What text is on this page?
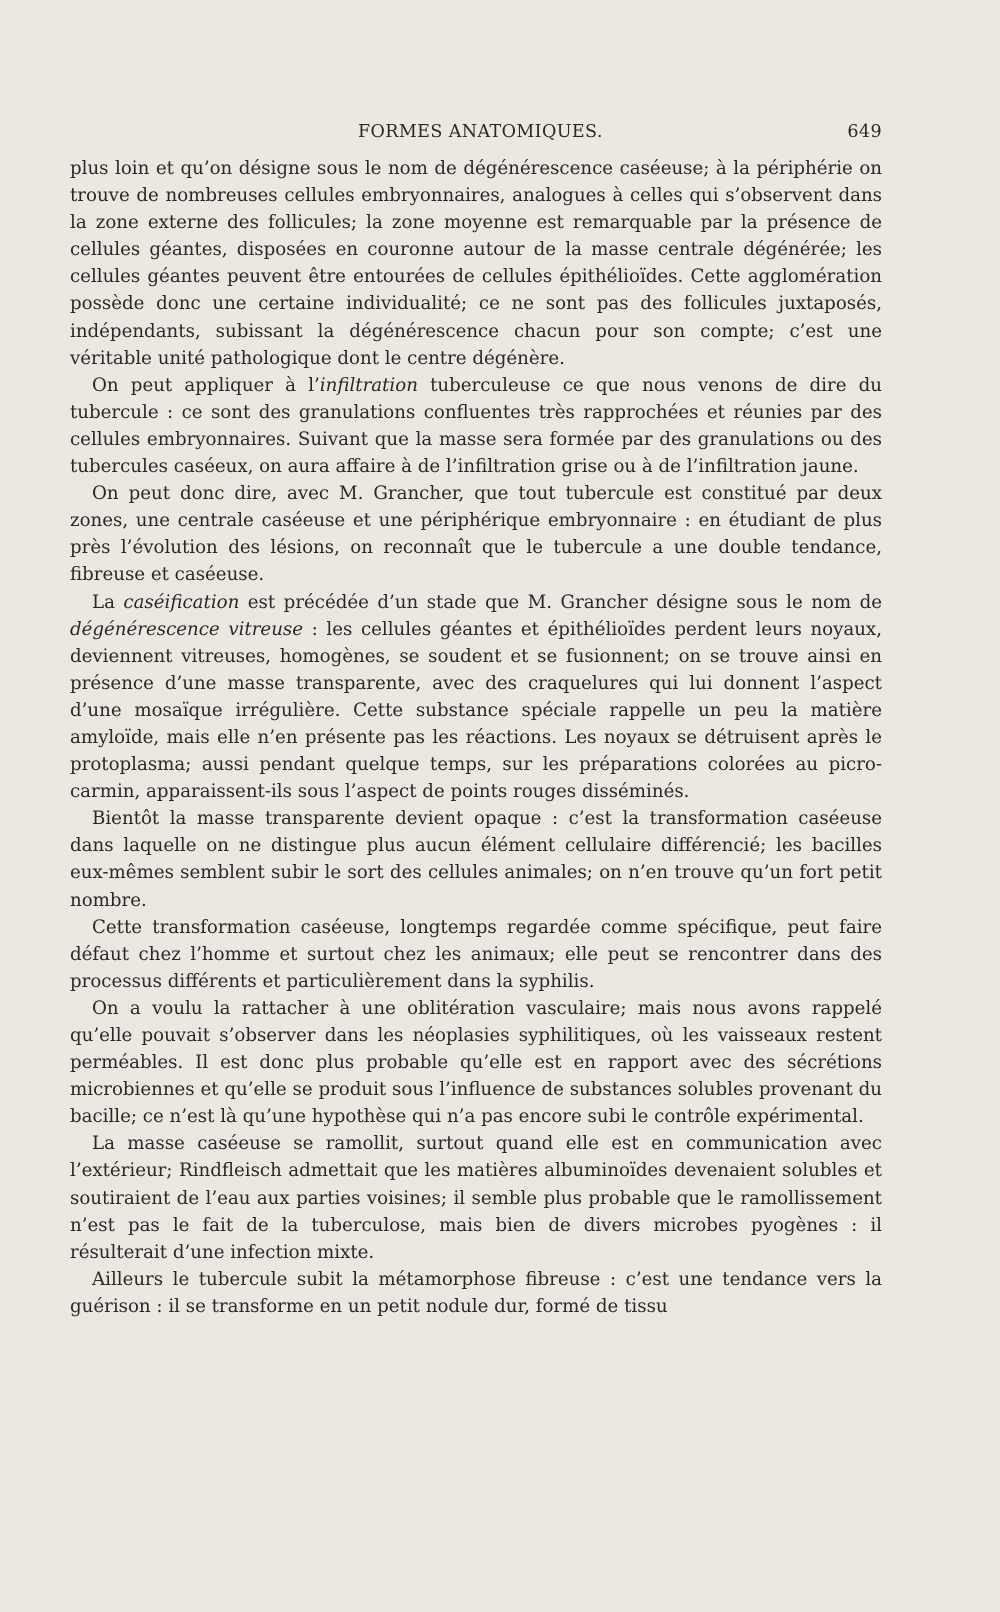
FORMES ANATOMIQUES.	649

plus loin et qu’on désigne sous le nom de dégénérescence caséeuse; à la périphérie on trouve de nombreuses cellules embryonnaires, analogues à celles qui s’observent dans la zone externe des follicules; la zone moyenne est remarquable par la présence de cellules géantes, disposées en couronne autour de la masse centrale dégénérée; les cellules géantes peuvent être entourées de cellules épithélioïdes. Cette agglomération possède donc une certaine individualité; ce ne sont pas des follicules juxtaposés, indépendants, subissant la dégénérescence chacun pour son compte; c’est une véritable unité pathologique dont le centre dégénère.

On peut appliquer à l’infiltration tuberculeuse ce que nous venons de dire du tubercule : ce sont des granulations confluentes très rapprochées et réunies par des cellules embryonnaires. Suivant que la masse sera formée par des granulations ou des tubercules caséeux, on aura affaire à de l’infiltration grise ou à de l’infiltration jaune.

On peut donc dire, avec M. Grancher, que tout tubercule est constitué par deux zones, une centrale caséeuse et une périphérique embryonnaire : en étudiant de plus près l’évolution des lésions, on reconnaît que le tubercule a une double tendance, fibreuse et caséeuse.

La caséification est précédée d’un stade que M. Grancher désigne sous le nom de dégénérescence vitreuse : les cellules géantes et épithélioïdes perdent leurs noyaux, deviennent vitreuses, homogènes, se soudent et se fusionnent; on se trouve ainsi en présence d’une masse transparente, avec des craquelures qui lui donnent l’aspect d’une mosaïque irrégulière. Cette substance spéciale rappelle un peu la matière amyloïde, mais elle n’en présente pas les réactions. Les noyaux se détruisent après le protoplasma; aussi pendant quelque temps, sur les préparations colorées au picro-carmin, apparaissent-ils sous l’aspect de points rouges disséminés.

Bientôt la masse transparente devient opaque : c’est la transformation caséeuse dans laquelle on ne distingue plus aucun élément cellulaire différencié; les bacilles eux-mêmes semblent subir le sort des cellules animales; on n’en trouve qu’un fort petit nombre.

Cette transformation caséeuse, longtemps regardée comme spécifique, peut faire défaut chez l’homme et surtout chez les animaux; elle peut se rencontrer dans des processus différents et particulièrement dans la syphilis.

On a voulu la rattacher à une oblitération vasculaire; mais nous avons rappelé qu’elle pouvait s’observer dans les néoplasies syphilitiques, où les vaisseaux restent perméables. Il est donc plus probable qu’elle est en rapport avec des sécrétions microbiennes et qu’elle se produit sous l’influence de substances solubles provenant du bacille; ce n’est là qu’une hypothèse qui n’a pas encore subi le contrôle expérimental.

La masse caséeuse se ramollit, surtout quand elle est en communication avec l’extérieur; Rindfleisch admettait que les matières albuminoïdes devenaient solubles et soutiraient de l’eau aux parties voisines; il semble plus probable que le ramollissement n’est pas le fait de la tuberculose, mais bien de divers microbes pyogènes : il résulterait d’une infection mixte.

Ailleurs le tubercule subit la métamorphose fibreuse : c’est une tendance vers la guérison : il se transforme en un petit nodule dur, formé de tissu
